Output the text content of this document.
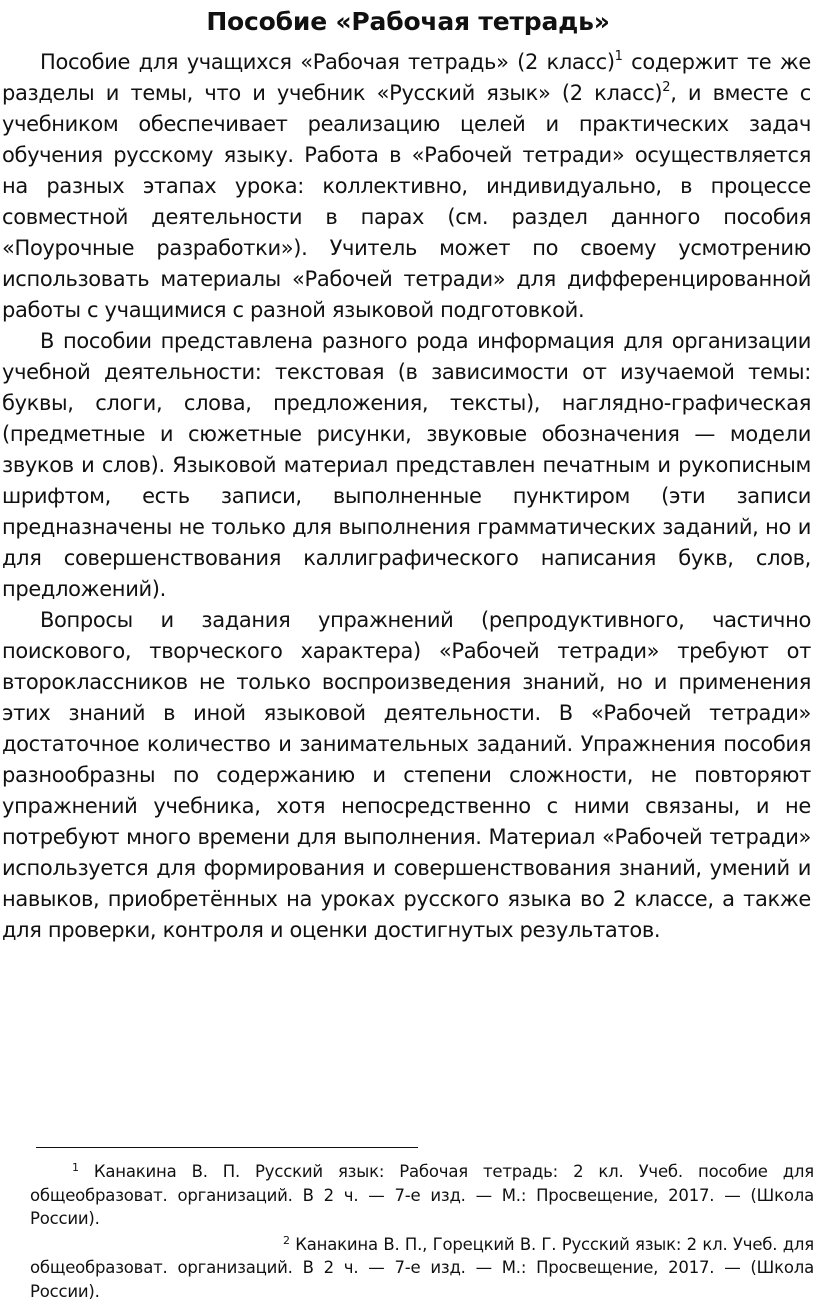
Пособие «Рабочая тетрадь»

Пособие для учащихся «Рабочая тетрадь» (2 класс)$^1$ содержит те же разделы и темы, что и учебник «Русский язык» (2 класс)$^2$, и вместе с учебником обеспечивает реализацию целей и практических задач обучения русскому языку. Работа в «Рабочей тетради» осуществляется на разных этапах урока: коллективно, индивидуально, в процессе совместной деятельности в парах (см. раздел данного пособия «Поурочные разработки»). Учитель может по своему усмотрению использовать материалы «Рабочей тетради» для дифференцированной работы с учащимися с разной языковой подготовкой.

В пособии представлена разного рода информация для организации учебной деятельности: текстовая (в зависимости от изучаемой темы: буквы, слоги, слова, предложения, тексты), наглядно-графическая (предметные и сюжетные рисунки, звуковые обозначения — модели звуков и слов). Языковой материал представлен печатным и рукописным шрифтом, есть записи, выполненные пунктиром (эти записи предназначены не только для выполнения грамматических заданий, но и для совершенствования каллиграфического написания букв, слов, предложений).

Вопросы и задания упражнений (репродуктивного, частично поискового, творческого характера) «Рабочей тетради» требуют от второклассников не только воспроизведения знаний, но и применения этих знаний в иной языковой деятельности. В «Рабочей тетради» достаточное количество и занимательных заданий. Упражнения пособия разнообразны по содержанию и степени сложности, не повторяют упражнений учебника, хотя непосредственно с ними связаны, и не потребуют много времени для выполнения. Материал «Рабочей тетради» используется для формирования и совершенствования знаний, умений и навыков, приобретённых на уроках русского языка во 2 классе, а также для проверки, контроля и оценки достигнутых результатов.

$^1$ Канакина В. П. Русский язык: Рабочая тетрадь: 2 кл. Учеб. пособие для общеобразоват. организаций. В 2 ч. — 7-е изд. — М.: Просвещение, 2017. — (Школа России).

$^2$ Канакина В. П., Горецкий В. Г. Русский язык: 2 кл. Учеб. для общеобразоват. организаций. В 2 ч. — 7-е изд. — М.: Просвещение, 2017. — (Школа России).
